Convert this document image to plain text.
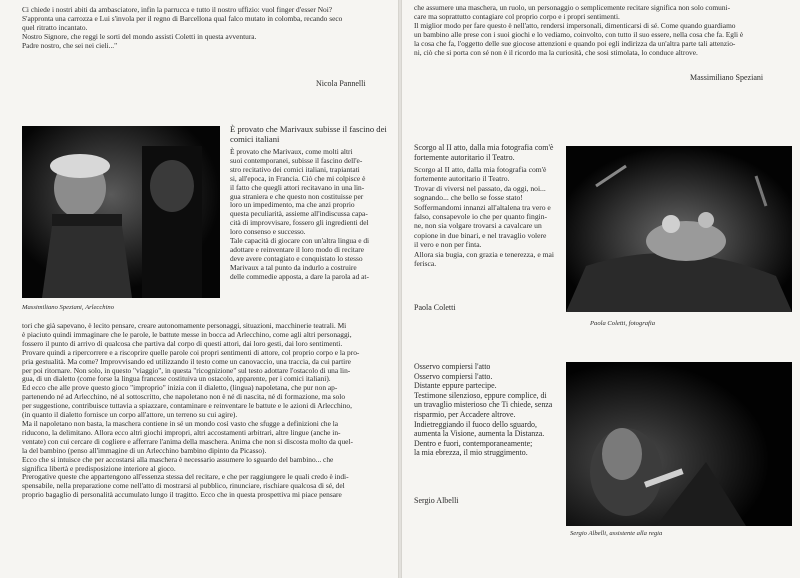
Ci chiede i nostri abiti da ambasciatore, infin la parrucca e tutto il nostro uffizio: vuol finger d'esser Noi?

S'approntа una carrozza e Lui s'invola per il regno di Barcellona qual falco mutato in colomba, recando seco

quel ritratto incantato.

Nostro Signore, che reggi le sorti del mondo assisti Coletti in questa avventura.

Padre nostro, che sei nei cieli..."

Nicola Pannelli
Massimiliano Speziani, Arlecchino
È provato che Marivaux subisse il fascino dei comici italiani

È provato che Marivaux, come molti altri

suoi contemporanei, subisse il fascino dell'e-

stro recitativo dei comici italiani, trapiantati

si, all'epoca, in Francia. Ciò che mi colpisce è

il fatto che quegli attori recitavano in una lin-

gua straniera e che questo non costituisse per

loro un impedimento, ma che anzi proprio

questa peculiarità, assieme all'indiscussa capa-

cità di improvvisare, fossero gli ingredienti del

loro consenso e successo.

Tale capacità di giocare con un'altra lingua e di

adottare e reinventare il loro modo di recitare

deve avere contagiato e conquistato lo stesso

Marivaux a tal punto da indurlo a costruire

delle commedie apposta, a dare la parola ad at-

tori che già sapevano, è lecito pensare, creare autonomamente personaggi, situazioni, macchinerie teatrali. Mi

è piaciuto quindi immaginare che le parole, le battute messe in bocca ad Arlecchino, come agli altri personaggi,

fossero il punto di arrivo di qualcosa che partiva dal corpo di questi attori, dai loro gesti, dai loro sentimenti.

Provare quindi a ripercorrere e a riscoprire quelle parole coi propri sentimenti di attore, col proprio corpo e la pro-

pria gestualità. Ma come? Improvvisando ed utilizzando il testo come un canovaccio, una traccia, da cui partire

per poi ritornare. Non solo, in questo "viaggio", in questa "ricognizione" sul testo adottare l'ostacolo di una lin-

gua, di un dialetto (come forse la lingua francese costituiva un ostacolo, apparente, per i comici italiani).

Ed ecco che alle prove questo gioco "improprio" inizia con il dialetto, (lingua) napoletana, che pur non ap-

partenendo né ad Arlecchino, né al sottoscritto, che napoletano non è né di nascita, né di formazione, ma solo

per suggestione, contribuisce tuttavia a spiazzare, contaminare e reinventare le battute e le azioni di Arlecchino,

(in quanto il dialetto fornisce un corpo all'attore, un terreno su cui agire).

Ma il napoletano non basta, la maschera contiene in sé un mondo così vasto che sfugge a definizioni che la

riducono, la delimitano. Allora ecco altri giochi impropri, altri accostamenti arbitrari, altre lingue (anche in-

ventate) con cui cercare di cogliere e afferrare l'anima della maschera. Anima che non si discosta molto da quel-

la del bambino (penso all'immagine di un Arlecchino bambino dipinto da Picasso).

Ecco che si intuisce che per accostarsi alla maschera è necessario assumere lo sguardo del bambino... che

significa libertà e predisposizione interiore al gioco.

Prerogative queste che appartengono all'essenza stessa del recitare, e che per raggiungere le quali credo è indi-

spensabile, nella preparazione come nell'atto di mostrarsi al pubblico, rinunciare, rischiare qualcosa di sé, del

proprio bagaglio di personalità accumulato lungo il tragitto. Ecco che in questa prospettiva mi piace pensare

che assumere una maschera, un ruolo, un personaggio o semplicemente recitare significa non solo comuni-

care ma soprattutto contagiare col proprio corpo e i propri sentimenti.

Il miglior modo per fare questo è nell'atto, rendersi impersonali, dimenticarsi di sé. Come quando guardiamo

un bambino alle prese con i suoi giochi e lo vediamo, coinvolto, con tutto il suo essere, nella cosa che fa. Egli è

la cosa che fa, l'oggetto delle sue giocose attenzioni e quando poi egli indirizza da un'altra parte tali attenzio-

ni, ciò che si porta con sé non è il ricordo ma la curiosità, che sosi stimolata, lo conduce altrove.

Massimiliano Speziani
Scorgo al II atto, dalla mia fotografia com'è fortemente autoritario il Teatro.

Scorgo al II atto, dalla mia fotografia com'è

fortemente autoritario il Teatro.

Trovar di viversi nel passato, da oggi, noi...

sognando... che bello se fosse stato!

Soffermandomi innanzi all'altalena tra vero e

falso, consapevole io che per quanto fingin-

ne, non sia volgare trovarsi a cavalcare un

copione in due binari, e nel travaglio volere

il vero e non per finta.

Allora sia bugia, con grazia e tenerezza, e mai

ferisca.

Paola Coletti
Paola Coletti, fotografia

Osservo compiersi l'atto

Osservo compiersi l'atto.

Distante eppure partecipe.

Testimone silenzioso, eppure complice, di

un travaglio misterioso che Ti chiede, senza

risparmio, per Accadere altrove.

Indietreggiando il fuoco dello sguardo,

aumenta la Visione, aumenta la Distanza.

Dentro e fuori, contemporaneamente;

la mia ebrezza, il mio struggimento.

Sergio Albelli
Sergio Albelli, assistente alla regia
